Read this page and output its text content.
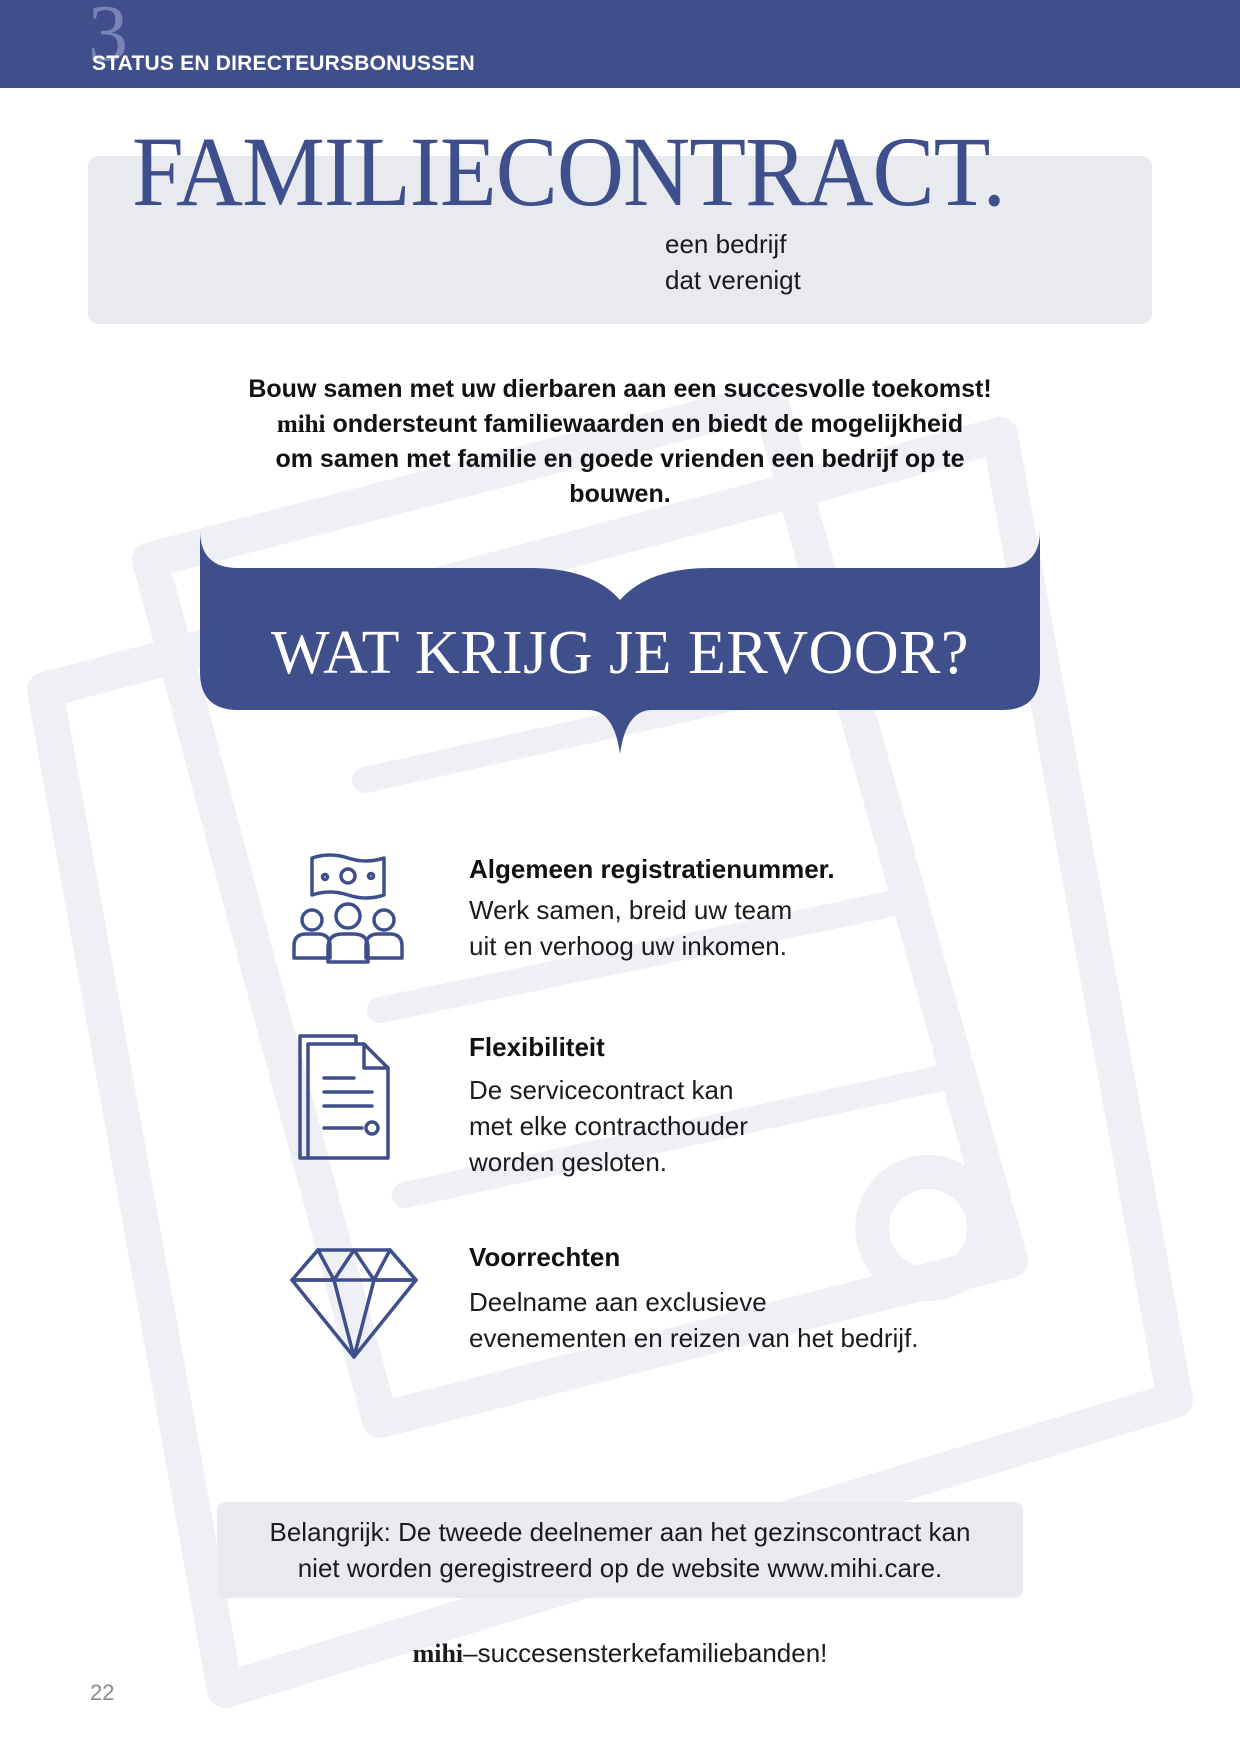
3
STATUS EN DIRECTEURSBONUSSEN
FAMILIECONTRACT.
een bedrijf
dat verenigt
Bouw samen met uw dierbaren aan een succesvolle toekomst!
mihi ondersteunt familiewaarden en biedt de mogelijkheid
om samen met familie en goede vrienden een bedrijf op te
bouwen.
WAT KRIJG JE ERVOOR?
Algemeen registratienummer.
Werk samen, breid uw team
uit en verhoog uw inkomen.
Flexibiliteit
De servicecontract kan
met elke contracthouder
worden gesloten.
Voorrechten
Deelname aan exclusieve
evenementen en reizen van het bedrijf.
Belangrijk: De tweede deelnemer aan het gezinscontract kan
niet worden geregistreerd op de website www.mihi.care.
mihi–succesensterkefamiliebanden!
22
